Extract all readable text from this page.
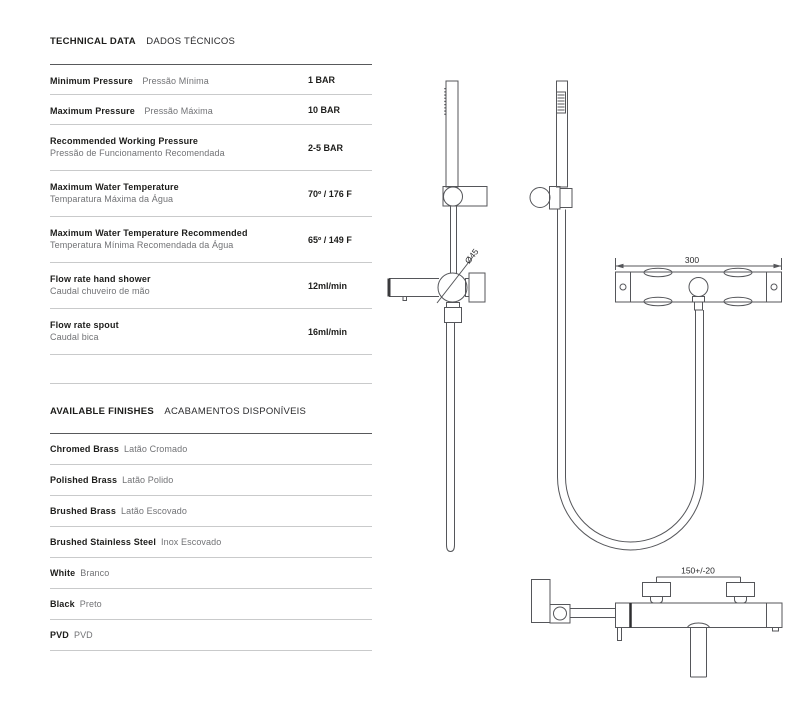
TECHNICAL DATA DADOS TÉCNICOS
Minimum Pressure Pressão Mínima	1 BAR
Maximum Pressure Pressão Máxima	10 BAR
Recommended Working Pressure
Pressão de Funcionamento Recomendada	2-5 BAR
Maximum Water Temperature
Temparatura Máxima da Água	70º / 176 F
Maximum Water Temperature Recommended
Temperatura Mínima Recomendada da Água	65º / 149 F
Flow rate hand shower
Caudal chuveiro de mão	12ml/min
Flow rate spout
Caudal bica	16ml/min
AVAILABLE FINISHES ACABAMENTOS DISPONÍVEIS
Chromed Brass Latão Cromado
Polished Brass Latão Polido
Brushed Brass Latão Escovado
Brushed Stainless Steel Inox Escovado
White Branco
Black Preto
PVD PVD
Ø45	300
150+/-20
